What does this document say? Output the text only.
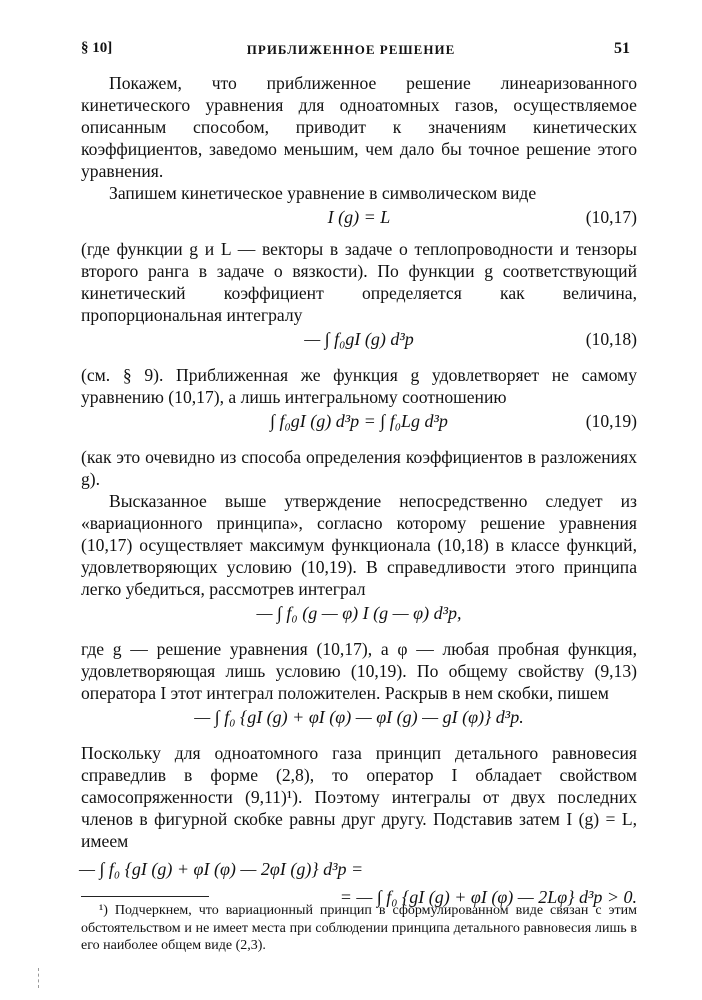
§ 10]	ПРИБЛИЖЕННОЕ РЕШЕНИЕ	51

Покажем, что приближенное решение линеаризованного кинетического уравнения для одноатомных газов, осуществляемое описанным способом, приводит к значениям кинетических коэффициентов, заведомо меньшим, чем дало бы точное решение этого уравнения.

Запишем кинетическое уравнение в символическом виде

I (g) = L	(10,17)

(где функции g и L — векторы в задаче о теплопроводности и тензоры второго ранга в задаче о вязкости). По функции g соответствующий кинетический коэффициент определяется как величина, пропорциональная интегралу

— ∫ f₀gI (g) d³p	(10,18)

(см. § 9). Приближенная же функция g удовлетворяет не самому уравнению (10,17), а лишь интегральному соотношению

∫ f₀gI (g) d³p = ∫ f₀Lg d³p	(10,19)

(как это очевидно из способа определения коэффициентов в разложениях g).

Высказанное выше утверждение непосредственно следует из «вариационного принципа», согласно которому решение уравнения (10,17) осуществляет максимум функционала (10,18) в классе функций, удовлетворяющих условию (10,19). В справедливости этого принципа легко убедиться, рассмотрев интеграл

— ∫ f₀ (g — φ) I (g — φ) d³p,

где g — решение уравнения (10,17), а φ — любая пробная функция, удовлетворяющая лишь условию (10,19). По общему свойству (9,13) оператора I этот интеграл положителен. Раскрыв в нем скобки, пишем

— ∫ f₀ {gI (g) + φI (φ) — φI (g) — gI (φ)} d³p.

Поскольку для одноатомного газа принцип детального равновесия справедлив в форме (2,8), то оператор I обладает свойством самосопряженности (9,11)¹). Поэтому интегралы от двух последних членов в фигурной скобке равны друг другу. Подставив затем I (g) = L, имеем

— ∫ f₀ {gI (g) + φI (φ) — 2φI (g)} d³p =
= — ∫ f₀ {gI (g) + φI (φ) — 2Lφ} d³p > 0.

¹) Подчеркнем, что вариационный принцип в сформулированном виде связан с этим обстоятельством и не имеет места при соблюдении принципа детального равновесия лишь в его наиболее общем виде (2,3).
